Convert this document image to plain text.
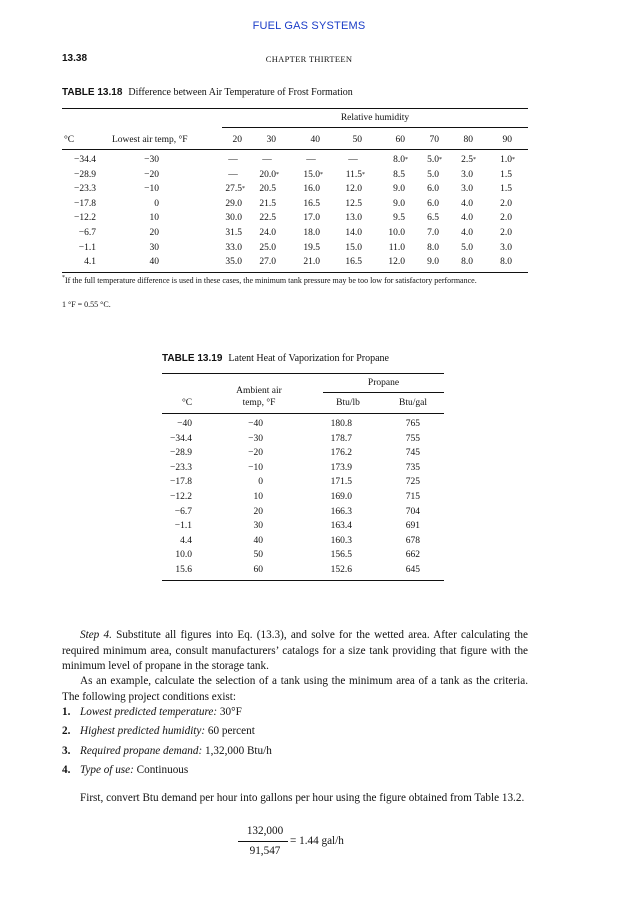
FUEL GAS SYSTEMS
13.38	CHAPTER THIRTEEN
TABLE 13.18 Difference between Air Temperature of Frost Formation
Relative humidity
°C	Lowest air temp, °F	20	30	40	50	60	70	80	90
−34.4	−30	—	—	—	—	8.0 *	5.0 *	2.5 *	1.0 *
−28.9	−20	—	20.0 *	15.0 *	11.5 *	8.5	5.0	3.0	1.5
−23.3	−10	27.5 *	20.5	16.0	12.0	9.0	6.0	3.0	1.5
−17.8	0	29.0	21.5	16.5	12.5	9.0	6.0	4.0	2.0
−12.2	10	30.0	22.5	17.0	13.0	9.5	6.5	4.0	2.0
−6.7	20	31.5	24.0	18.0	14.0	10.0	7.0	4.0	2.0
−1.1	30	33.0	25.0	19.5	15.0	11.0	8.0	5.0	3.0
4.1	40	35.0	27.0	21.0	16.5	12.0	9.0	8.0	8.0
*If the full temperature difference is used in these cases, the minimum tank pressure may be too low for satisfactory performance.
1 °F = 0.55 °C.
TABLE 13.19 Latent Heat of Vaporization for Propane
Propane
Ambient air
temp, °F
°C	Btu/lb	Btu/gal
−40	−40	180.8	765
−34.4	−30	178.7	755
−28.9	−20	176.2	745
−23.3	−10	173.9	735
−17.8	0	171.5	725
−12.2	10	169.0	715
−6.7	20	166.3	704
−1.1	30	163.4	691
4.4	40	160.3	678
10.0	50	156.5	662
15.6	60	152.6	645
Step 4. Substitute all figures into Eq. (13.3), and solve for the wetted area. After calculating the required minimum area, consult manufacturers’ catalogs for a size tank providing that figure with the minimum level of propane in the storage tank.
As an example, calculate the selection of a tank using the minimum area of a tank as the criteria. The following project conditions exist:
1. Lowest predicted temperature: 30°F
2. Highest predicted humidity: 60 percent
3. Required propane demand: 1,32,000 Btu/h
4. Type of use: Continuous
First, convert Btu demand per hour into gallons per hour using the figure obtained from Table 13.2.
132,000
91,547
= 1.44 gal/h
